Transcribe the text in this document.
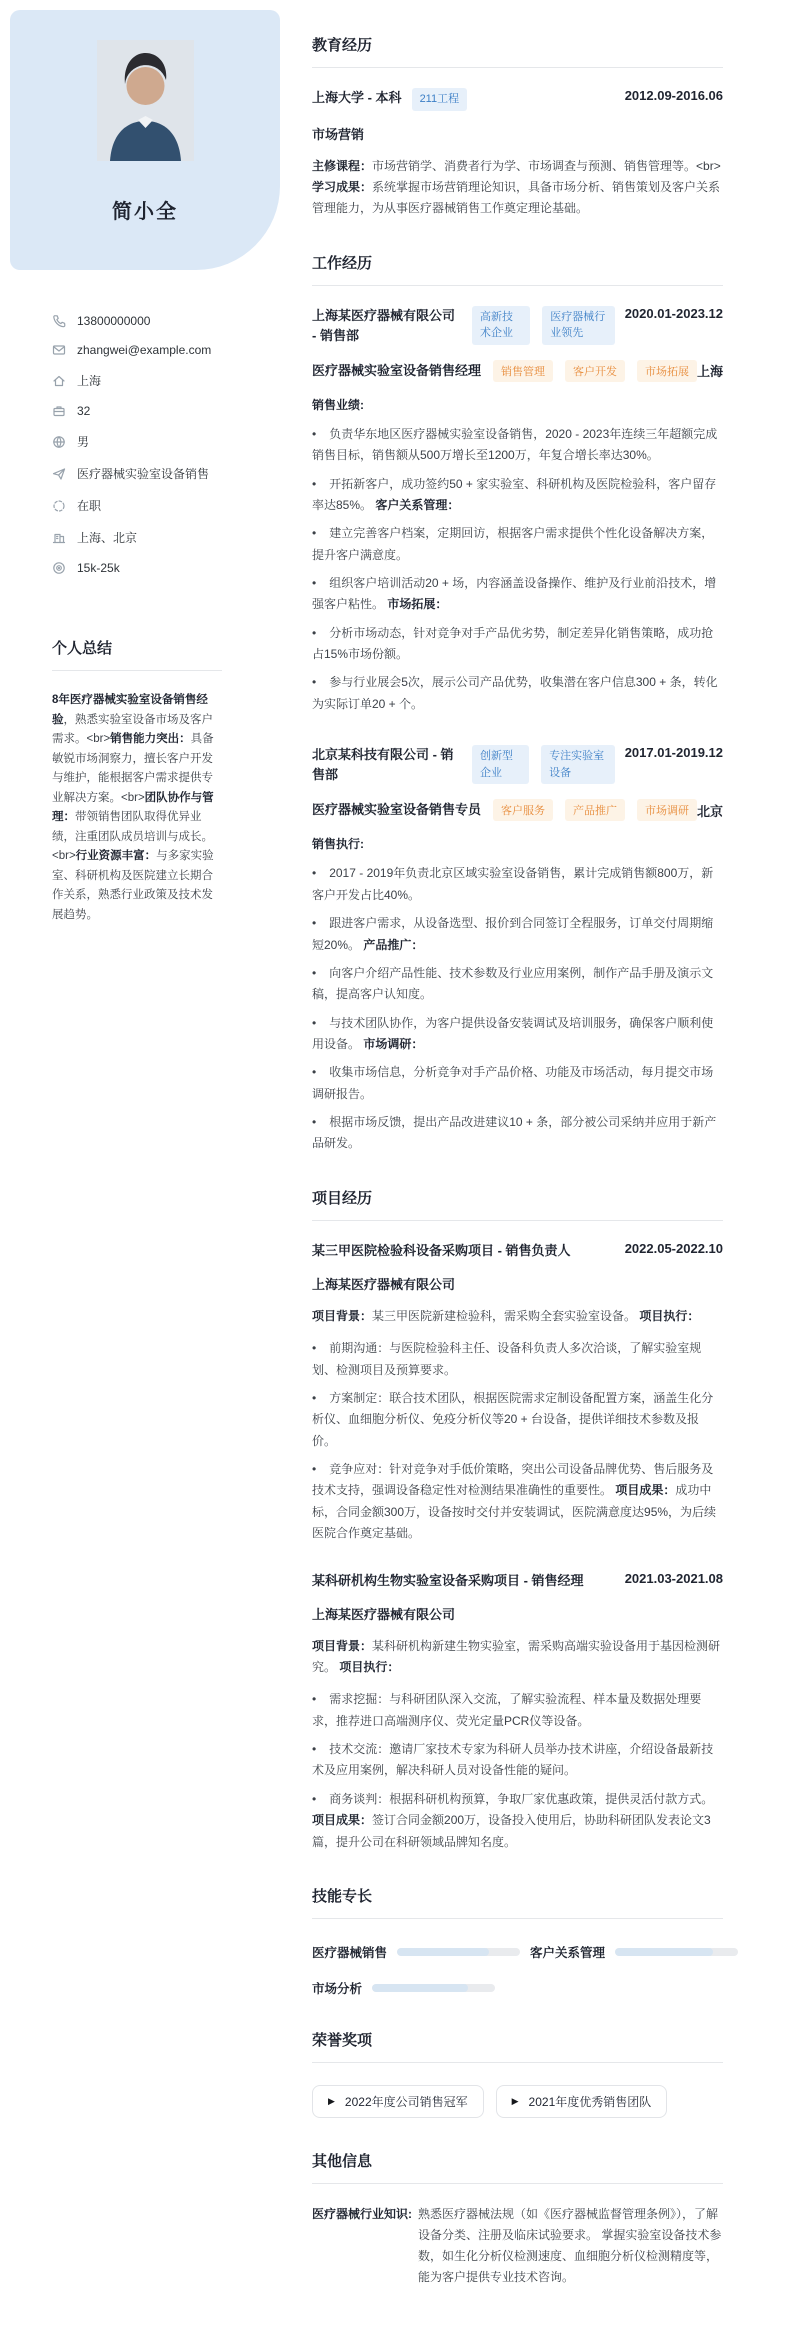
简小全
13800000000
zhangwei@example.com
上海
32
男
医疗器械实验室设备销售
在职
上海、北京
15k-25k
个人总结

8年医疗器械实验室设备销售经验，熟悉实验室设备市场及客户需求。<br>销售能力突出：具备敏锐市场洞察力，擅长客户开发与维护，能根据客户需求提供专业解决方案。<br>团队协作与管理：带领销售团队取得优异业绩，注重团队成员培训与成长。<br>行业资源丰富：与多家实验室、科研机构及医院建立长期合作关系，熟悉行业政策及技术发展趋势。

教育经历
上海大学 - 本科	211工程	2012.09-2016.06
市场营销

主修课程：市场营销学、消费者行为学、市场调查与预测、销售管理等。<br>学习成果：系统掌握市场营销理论知识，具备市场分析、销售策划及客户关系管理能力，为从事医疗器械销售工作奠定理论基础。

工作经历
上海某医疗器械有限公司 - 销售部
高新技术企业
医疗器械行业领先
2020.01-2023.12
医疗器械实验室设备销售经理	销售管理	客户开发	市场拓展 上海
销售业绩:
• 负责华东地区医疗器械实验室设备销售，2020 - 2023年连续三年超额完成销售目标，销售额从500万增长至1200万，年复合增长率达30%。
• 开拓新客户，成功签约50 + 家实验室、科研机构及医院检验科，客户留存率达85%。 客户关系管理：
• 建立完善客户档案，定期回访，根据客户需求提供个性化设备解决方案，提升客户满意度。
• 组织客户培训活动20 + 场，内容涵盖设备操作、维护及行业前沿技术，增强客户粘性。 市场拓展：
• 分析市场动态，针对竞争对手产品优劣势，制定差异化销售策略，成功抢占15%市场份额。
• 参与行业展会5次，展示公司产品优势，收集潜在客户信息300 + 条，转化为实际订单20 + 个。
北京某科技有限公司 - 销售部
创新型企业
专注实验室设备
2017.01-2019.12
医疗器械实验室设备销售专员	客户服务	产品推广	市场调研 北京
销售执行:
• 2017 - 2019年负责北京区域实验室设备销售，累计完成销售额800万，新客户开发占比40%。
• 跟进客户需求，从设备选型、报价到合同签订全程服务，订单交付周期缩短20%。 产品推广：
• 向客户介绍产品性能、技术参数及行业应用案例，制作产品手册及演示文稿，提高客户认知度。
• 与技术团队协作，为客户提供设备安装调试及培训服务，确保客户顺利使用设备。 市场调研：
• 收集市场信息，分析竞争对手产品价格、功能及市场活动，每月提交市场调研报告。
• 根据市场反馈，提出产品改进建议10 + 条，部分被公司采纳并应用于新产品研发。
项目经历
某三甲医院检验科设备采购项目 - 销售负责人	2022.05-2022.10
上海某医疗器械有限公司

项目背景：某三甲医院新建检验科，需采购全套实验室设备。 项目执行：

• 前期沟通：与医院检验科主任、设备科负责人多次洽谈，了解实验室规划、检测项目及预算要求。
• 方案制定：联合技术团队，根据医院需求定制设备配置方案，涵盖生化分析仪、血细胞分析仪、免疫分析仪等20 + 台设备，提供详细技术参数及报价。
• 竞争应对：针对竞争对手低价策略，突出公司设备品牌优势、售后服务及技术支持，强调设备稳定性对检测结果准确性的重要性。 项目成果：成功中标，合同金额300万，设备按时交付并安装调试，医院满意度达95%，为后续医院合作奠定基础。
某科研机构生物实验室设备采购项目 - 销售经理	2021.03-2021.08
上海某医疗器械有限公司

项目背景：某科研机构新建生物实验室，需采购高端实验设备用于基因检测研究。 项目执行：

• 需求挖掘：与科研团队深入交流，了解实验流程、样本量及数据处理要求，推荐进口高端测序仪、荧光定量PCR仪等设备。
• 技术交流：邀请厂家技术专家为科研人员举办技术讲座，介绍设备最新技术及应用案例，解决科研人员对设备性能的疑问。
• 商务谈判：根据科研机构预算，争取厂家优惠政策，提供灵活付款方式。 项目成果：签订合同金额200万，设备投入使用后，协助科研团队发表论文3篇，提升公司在科研领域品牌知名度。
技能专长
医疗器械销售	客户关系管理
市场分析
荣誉奖项
▶ 2022年度公司销售冠军	▶ 2021年度优秀销售团队
其他信息
医疗器械行业知识: 熟悉医疗器械法规（如《医疗器械监督管理条例》），了解设备分类、注册及临床试验要求。 掌握实验室设备技术参数，如生化分析仪检测速度、血细胞分析仪检测精度等，能为客户提供专业技术咨询。
